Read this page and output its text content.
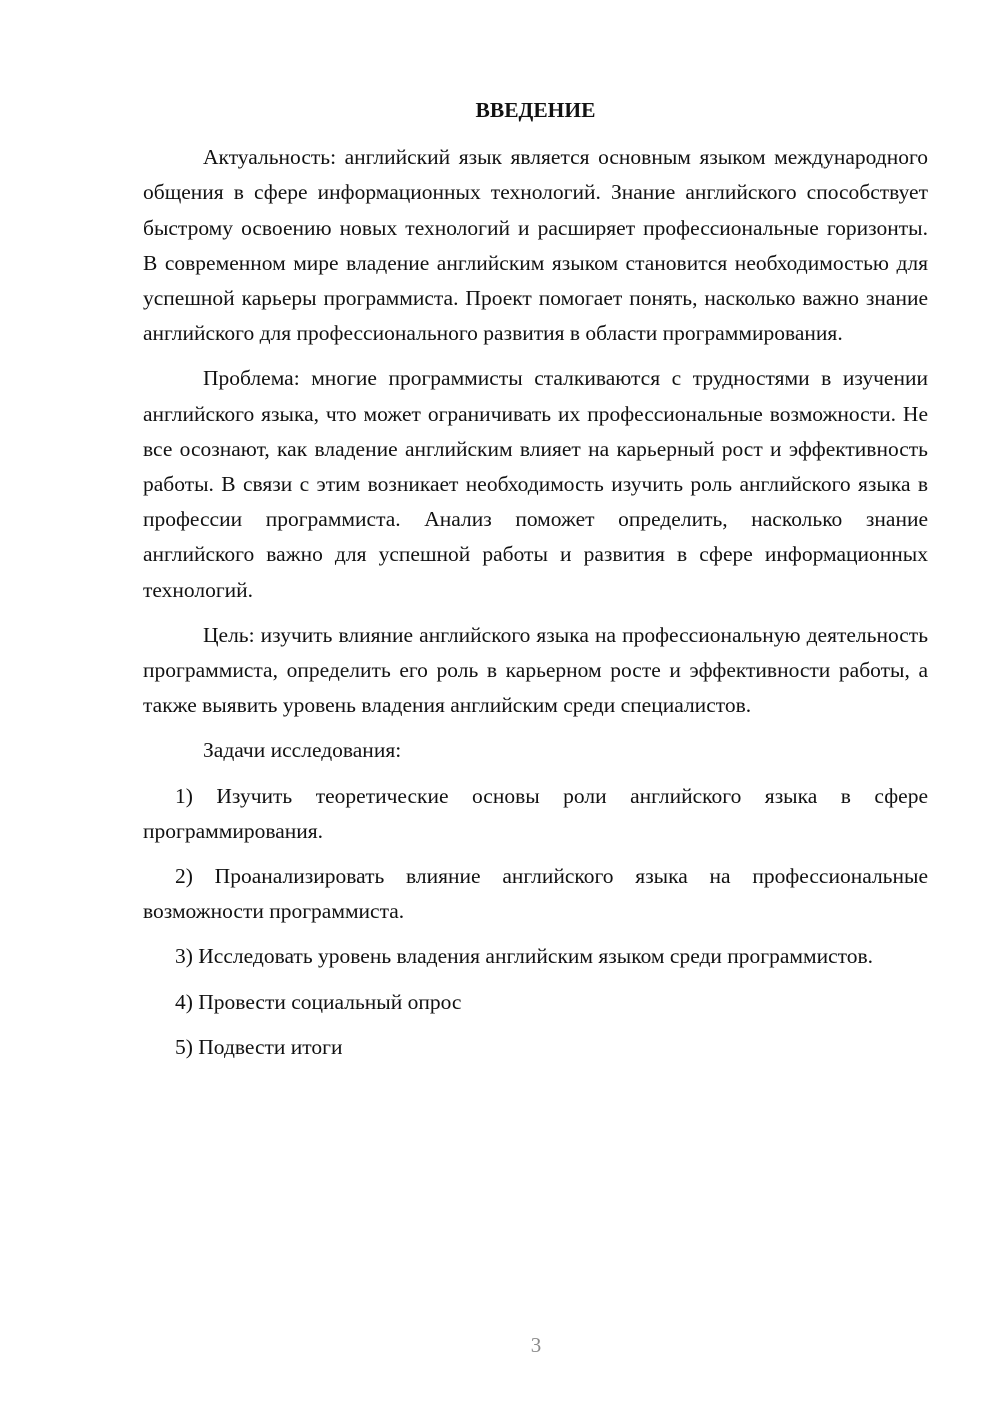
ВВЕДЕНИЕ

Актуальность: английский язык является основным языком международного общения в сфере информационных технологий. Знание английского способствует быстрому освоению новых технологий и расширяет профессиональные горизонты. В современном мире владение английским языком становится необходимостью для успешной карьеры программиста. Проект помогает понять, насколько важно знание английского для профессионального развития в области программирования.

Проблема: многие программисты сталкиваются с трудностями в изучении английского языка, что может ограничивать их профессиональные возможности. Не все осознают, как владение английским влияет на карьерный рост и эффективность работы. В связи с этим возникает необходимость изучить роль английского языка в профессии программиста. Анализ поможет определить, насколько знание английского важно для успешной работы и развития в сфере информационных технологий.

Цель: изучить влияние английского языка на профессиональную деятельность программиста, определить его роль в карьерном росте и эффективности работы, а также выявить уровень владения английским среди специалистов.

Задачи исследования:

1) Изучить теоретические основы роли английского языка в сфере программирования.

2) Проанализировать влияние английского языка на профессиональные возможности программиста.

3) Исследовать уровень владения английским языком среди программистов.

4) Провести социальный опрос

5) Подвести итоги

3
